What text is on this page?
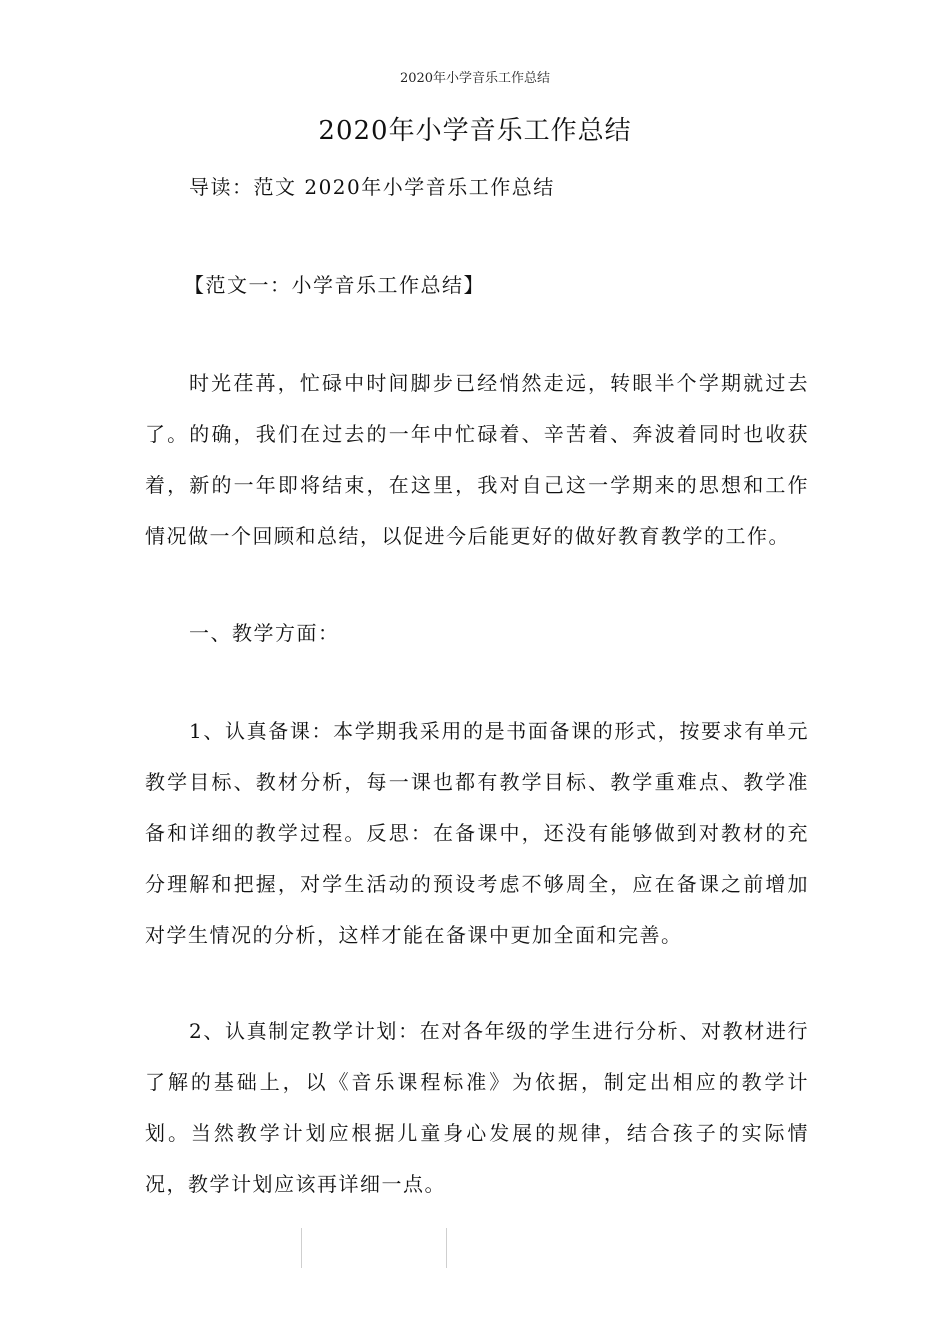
2020年小学音乐工作总结
2020年小学音乐工作总结

导读：范文 2020年小学音乐工作总结

【范文一：小学音乐工作总结】

时光荏苒，忙碌中时间脚步已经悄然走远，转眼半个学期就过去了。的确，我们在过去的一年中忙碌着、辛苦着、奔波着同时也收获着，新的一年即将结束，在这里，我对自己这一学期来的思想和工作情况做一个回顾和总结，以促进今后能更好的做好教育教学的工作。

一、教学方面：

1、认真备课：本学期我采用的是书面备课的形式，按要求有单元教学目标、教材分析，每一课也都有教学目标、教学重难点、教学准备和详细的教学过程。反思：在备课中，还没有能够做到对教材的充分理解和把握，对学生活动的预设考虑不够周全，应在备课之前增加对学生情况的分析，这样才能在备课中更加全面和完善。

2、认真制定教学计划：在对各年级的学生进行分析、对教材进行了解的基础上，以《音乐课程标准》为依据，制定出相应的教学计划。当然教学计划应根据儿童身心发展的规律，结合孩子的实际情况，教学计划应该再详细一点。
